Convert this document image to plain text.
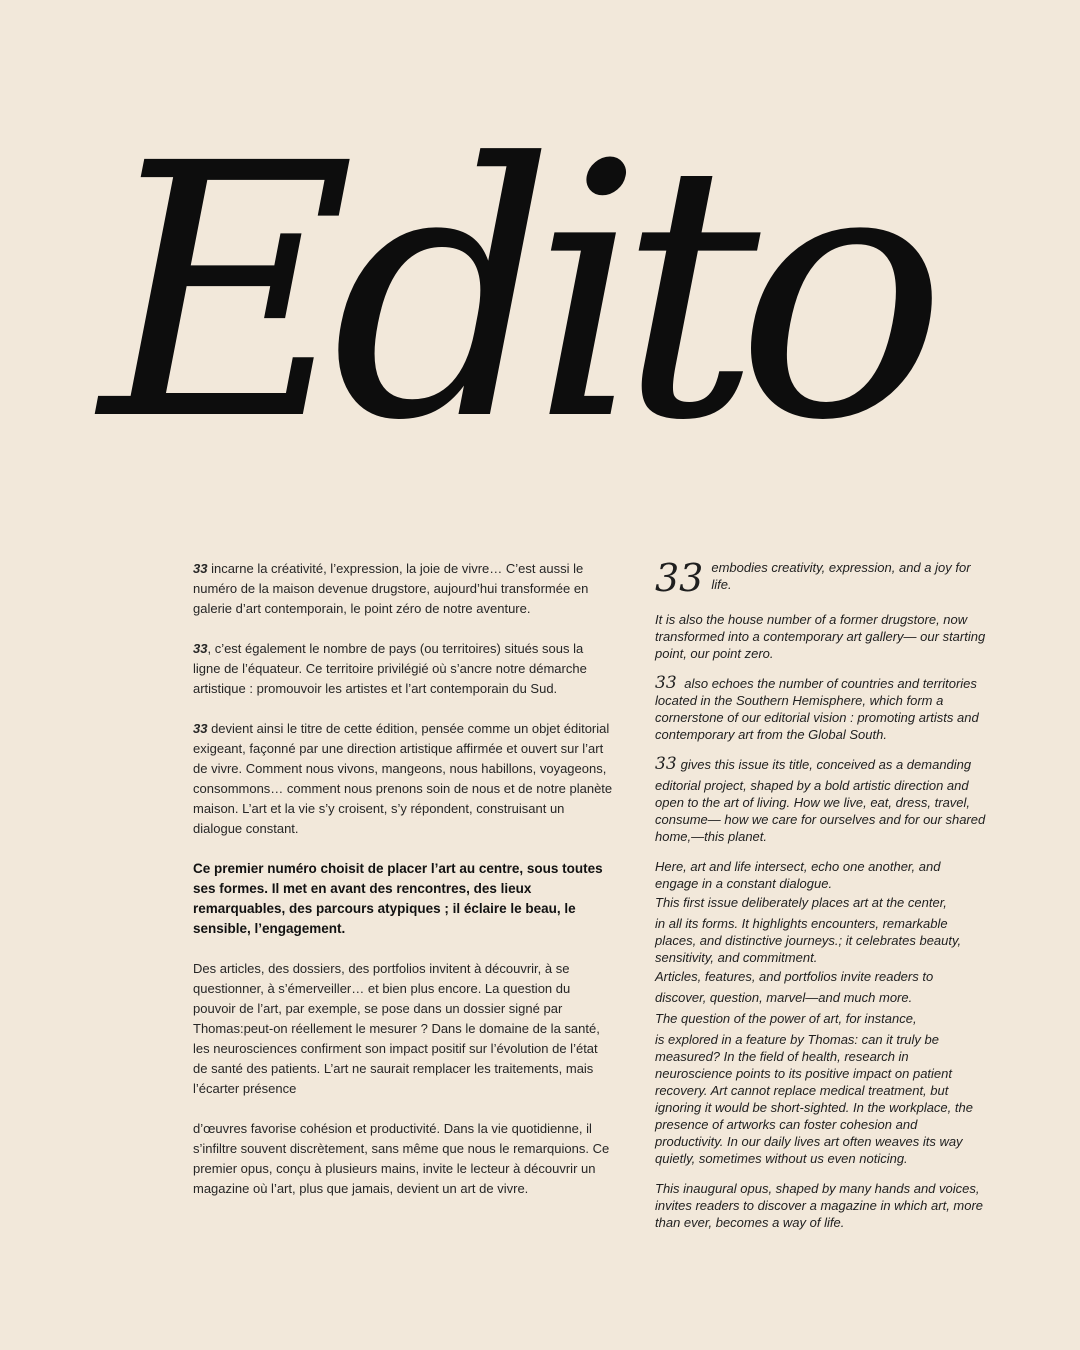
Edito

33 incarne la créativité, l’expression, la joie de vivre… C’est aussi le numéro de la maison devenue drugstore, aujourd’hui transformée en galerie d’art contemporain, le point zéro de notre aventure.

33, c’est également le nombre de pays (ou territoires) situés sous la ligne de l’équateur. Ce territoire privilégié où s’ancre notre démarche artistique : promouvoir les artistes et l’art contemporain du Sud.

33 devient ainsi le titre de cette édition, pensée comme un objet éditorial exigeant, façonné par une direction artistique affirmée et ouvert sur l’art de vivre. Comment nous vivons, mangeons, nous habillons, voyageons, consommons… comment nous prenons soin de nous et de notre planète maison. L’art et la vie s’y croisent, s’y répondent, construisant un dialogue constant.

Ce premier numéro choisit de placer l’art au centre, sous toutes ses formes. Il met en avant des rencontres, des lieux remarquables, des parcours atypiques ; il éclaire le beau, le sensible, l’engagement.

Des articles, des dossiers, des portfolios invitent à découvrir, à se questionner, à s’émerveiller… et bien plus encore. La question du pouvoir de l’art, par exemple, se pose dans un dossier signé par Thomas:peut-on réellement le mesurer ? Dans le domaine de la santé, les neurosciences confirment son impact positif sur l’évolution de l’état de santé des patients. L’art ne saurait remplacer les traitements, mais l’écarter présence

d’œuvres favorise cohésion et productivité. Dans la vie quotidienne, il s’infiltre souvent discrètement, sans même que nous le remarquions. Ce premier opus, conçu à plusieurs mains, invite le lecteur à découvrir un magazine où l’art, plus que jamais, devient un art de vivre.

33 embodies creativity, expression, and a joy for life.

It is also the house number of a former drugstore, now transformed into a contemporary art gallery— our starting point, our point zero.

33 also echoes the number of countries and territories located in the Southern Hemisphere, which form a cornerstone of our editorial vision : promoting artists and contemporary art from the Global South.

33 gives this issue its title, conceived as a demanding

editorial project, shaped by a bold artistic direction and open to the art of living. How we live, eat, dress, travel, consume— how we care for ourselves and for our shared home,—this planet.

Here, art and life intersect, echo one another, and engage in a constant dialogue.

This first issue deliberately places art at the center,

in all its forms. It highlights encounters, remarkable places, and distinctive journeys.; it celebrates beauty, sensitivity, and commitment.

Articles, features, and portfolios invite readers to

discover, question, marvel—and much more.

The question of the power of art, for instance,

is explored in a feature by Thomas: can it truly be measured? In the field of health, research in neuroscience points to its positive impact on patient recovery. Art cannot replace medical treatment, but ignoring it would be short-sighted. In the workplace, the presence of artworks can foster cohesion and productivity. In our daily lives art often weaves its way quietly, sometimes without us even noticing.

This inaugural opus, shaped by many hands and voices, invites readers to discover a magazine in which art, more than ever, becomes a way of life.
